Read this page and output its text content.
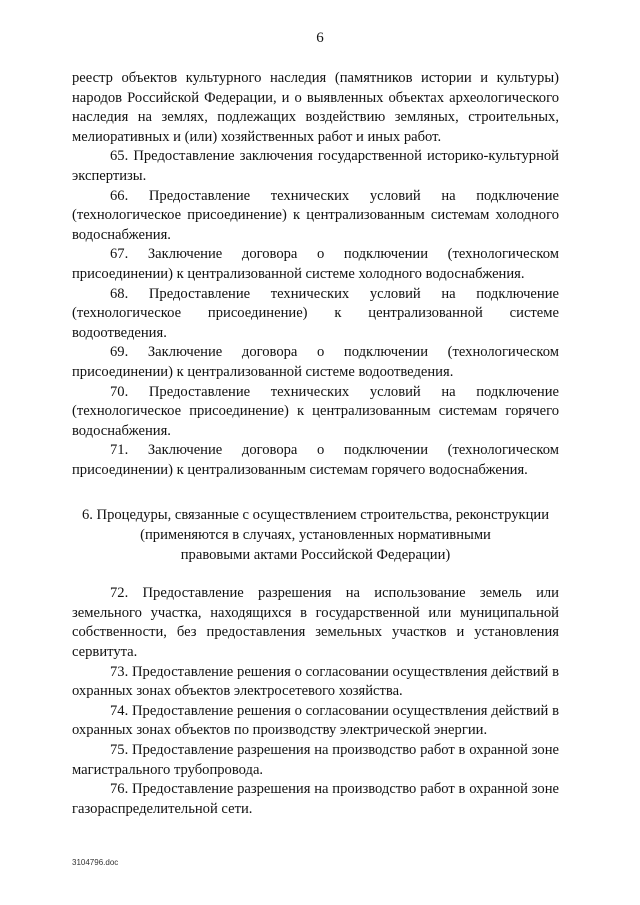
6

реестр объектов культурного наследия (памятников истории и культуры) народов Российской Федерации, и о выявленных объектах археологического наследия на землях, подлежащих воздействию земляных, строительных, мелиоративных и (или) хозяйственных работ и иных работ.

65. Предоставление заключения государственной историко-культурной экспертизы.

66. Предоставление технических условий на подключение (технологическое присоединение) к централизованным системам холодного водоснабжения.

67. Заключение договора о подключении (технологическом присоединении) к централизованной системе холодного водоснабжения.

68. Предоставление технических условий на подключение (технологическое присоединение) к централизованной системе водоотведения.

69. Заключение договора о подключении (технологическом присоединении) к централизованной системе водоотведения.

70. Предоставление технических условий на подключение (технологическое присоединение) к централизованным системам горячего водоснабжения.

71. Заключение договора о подключении (технологическом присоединении) к централизованным системам горячего водоснабжения.

6. Процедуры, связанные с осуществлением строительства, реконструкции
(применяются в случаях, установленных нормативными
правовыми актами Российской Федерации)

72. Предоставление разрешения на использование земель или земельного участка, находящихся в государственной или муниципальной собственности, без предоставления земельных участков и установления сервитута.

73. Предоставление решения о согласовании осуществления действий в охранных зонах объектов электросетевого хозяйства.

74. Предоставление решения о согласовании осуществления действий в охранных зонах объектов по производству электрической энергии.

75. Предоставление разрешения на производство работ в охранной зоне магистрального трубопровода.

76. Предоставление разрешения на производство работ в охранной зоне газораспределительной сети.

3104796.doc
